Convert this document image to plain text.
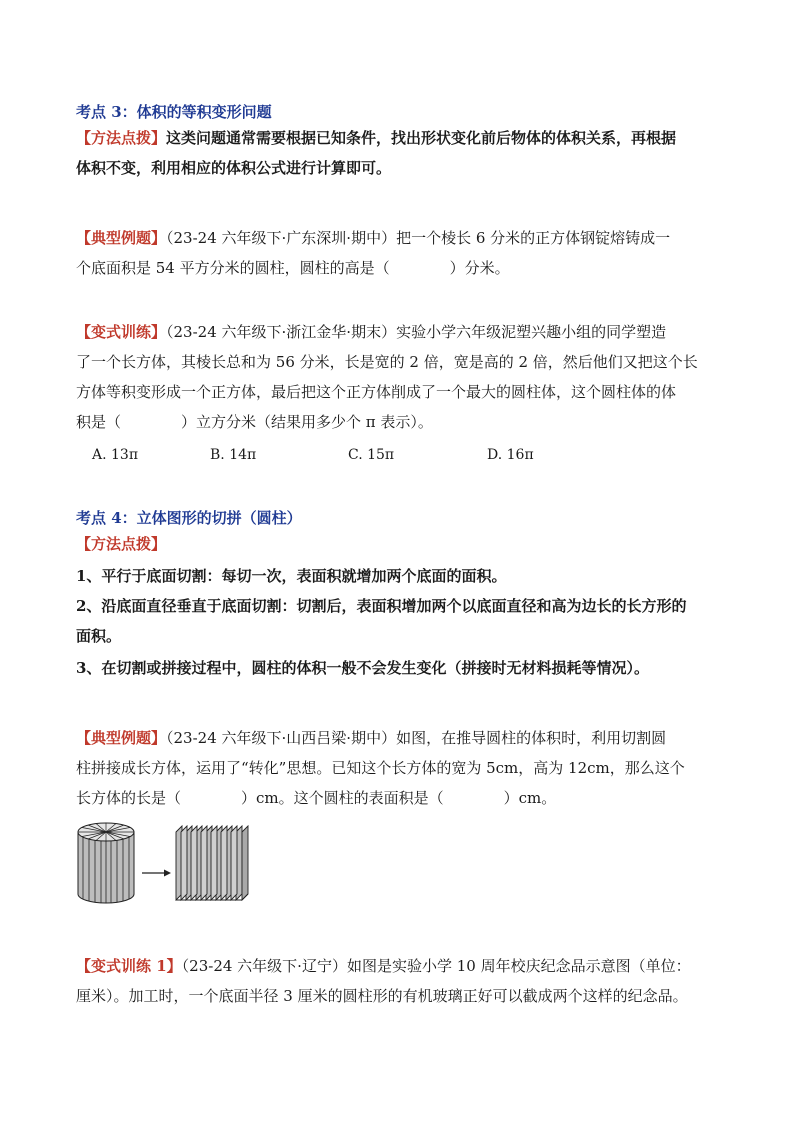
考点 3：体积的等积变形问题
【方法点拨】这类问题通常需要根据已知条件，找出形状变化前后物体的体积关系，再根据
体积不变，利用相应的体积公式进行计算即可。
【典型例题】（23-24 六年级下·广东深圳·期中）把一个棱长 6 分米的正方体钢锭熔铸成一
个底面积是 54 平方分米的圆柱，圆柱的高是（　　　　）分米。
【变式训练】（23-24 六年级下·浙江金华·期末）实验小学六年级泥塑兴趣小组的同学塑造
了一个长方体，其棱长总和为 56 分米，长是宽的 2 倍，宽是高的 2 倍，然后他们又把这个长
方体等积变形成一个正方体，最后把这个正方体削成了一个最大的圆柱体，这个圆柱体的体
积是（　　　　）立方分米（结果用多少个 π 表示）。
A. 13π	B. 14π	C. 15π	D. 16π
考点 4：立体图形的切拼（圆柱）
【方法点拨】
1、平行于底面切割：每切一次，表面积就增加两个底面的面积。
2、沿底面直径垂直于底面切割：切割后，表面积增加两个以底面直径和高为边长的长方形的
面积。
3、在切割或拼接过程中，圆柱的体积一般不会发生变化（拼接时无材料损耗等情况）。
【典型例题】（23-24 六年级下·山西吕梁·期中）如图，在推导圆柱的体积时，利用切割圆
柱拼接成长方体，运用了“转化”思想。已知这个长方体的宽为 5cm，高为 12cm，那么这个
长方体的长是（　　　　）cm。这个圆柱的表面积是（　　　　）cm。
【变式训练 1】（23-24 六年级下·辽宁）如图是实验小学 10 周年校庆纪念品示意图（单位：
厘米）。加工时，一个底面半径 3 厘米的圆柱形的有机玻璃正好可以截成两个这样的纪念品。
